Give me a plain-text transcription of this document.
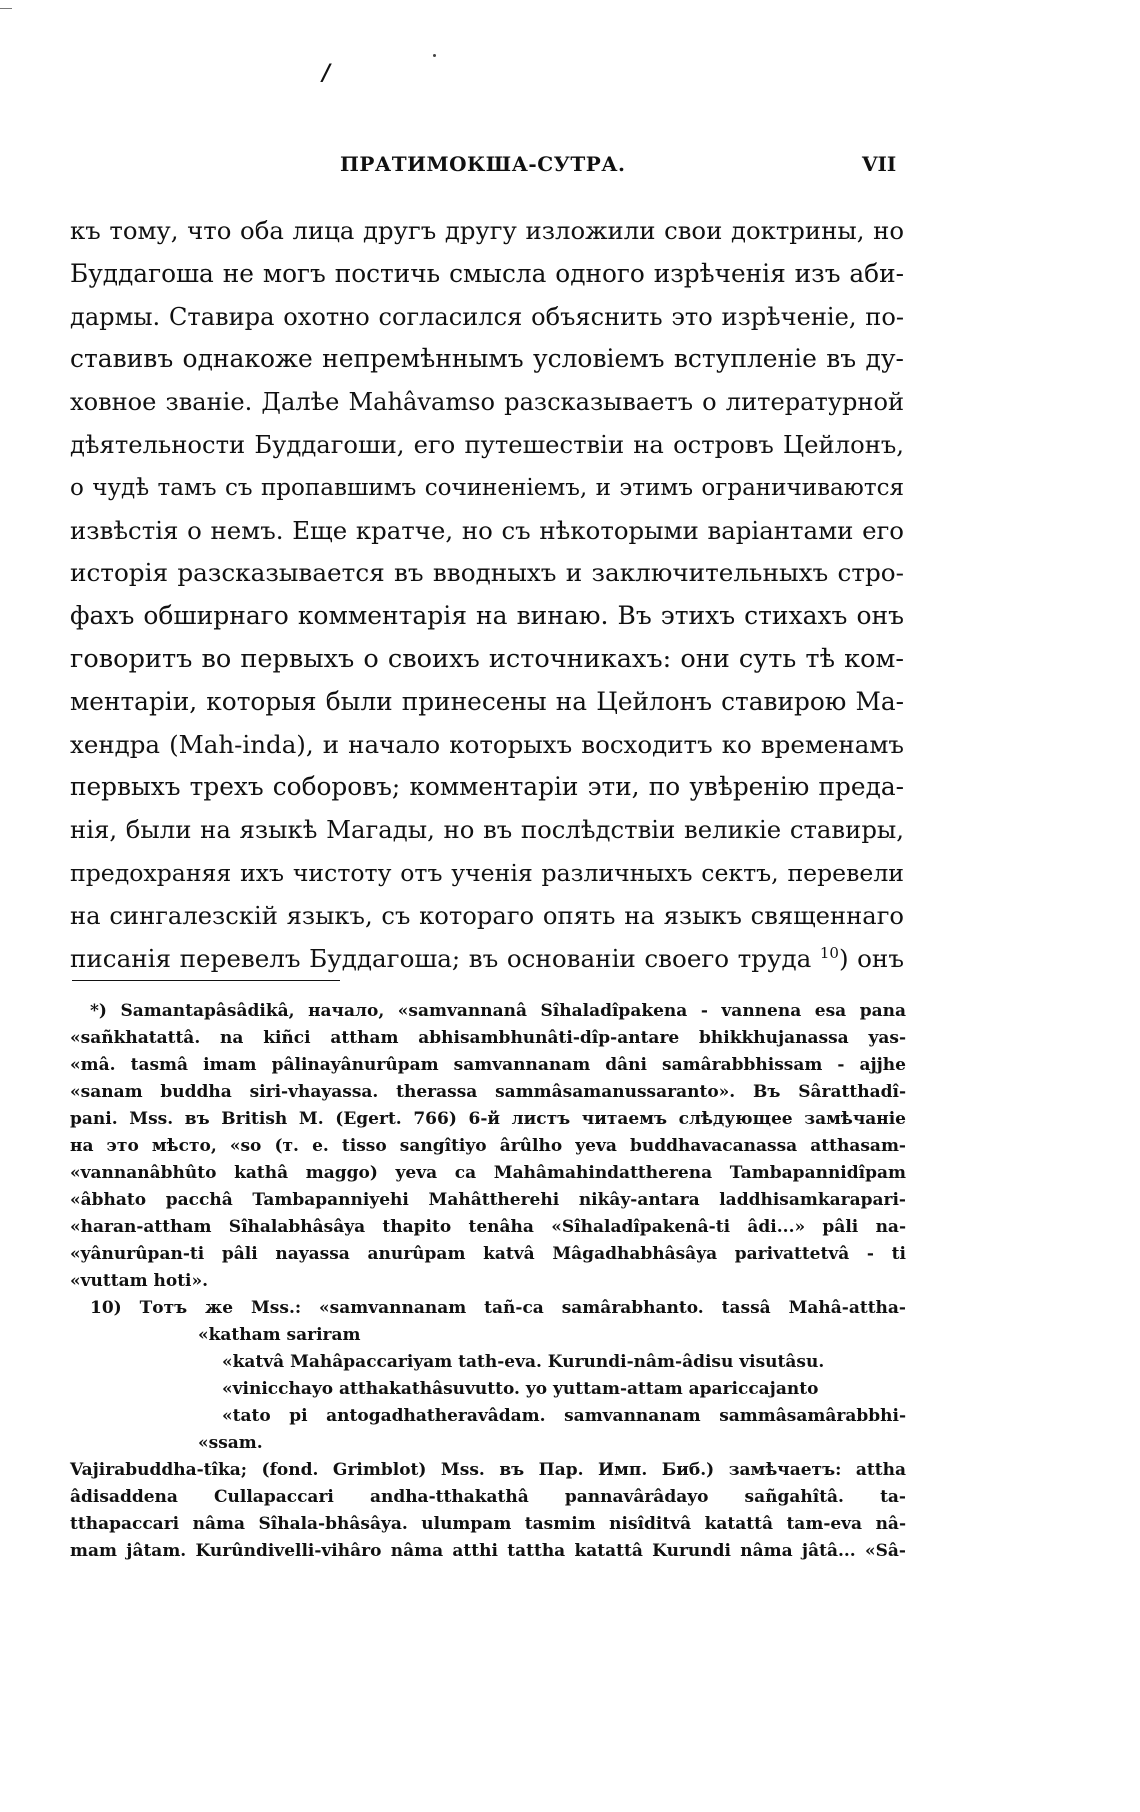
/
ПРАТИМОКША-СУТРА.	VII
къ тому, что оба лица другъ другу изложили свои доктрины, но
Буддагоша не могъ постичь смысла одного изрѣченія изъ аби-
дармы. Ставира охотно согласился объяснить это изрѣченіе, по-
ставивъ однакоже непремѣннымъ условіемъ вступленіе въ ду-
ховное званіе. Далѣе Mahâvamso разсказываетъ о литературной
дѣятельности Буддагоши, его путешествіи на островъ Цейлонъ,
о чудѣ тамъ съ пропавшимъ сочиненіемъ, и этимъ ограничиваются
извѣстія о немъ. Еще кратче, но съ нѣкоторыми варіантами его
исторія разсказывается въ вводныхъ и заключительныхъ стро-
фахъ обширнаго комментарія на винаю. Въ этихъ стихахъ онъ
говоритъ во первыхъ о своихъ источникахъ: они суть тѣ ком-
ментаріи, которыя были принесены на Цейлонъ ставирою Ма-
хендра (Mah-inda), и начало которыхъ восходитъ ко временамъ
первыхъ трехъ соборовъ; комментаріи эти, по увѣренію преда-
нія, были на языкѣ Магады, но въ послѣдствіи великіе ставиры,
предохраняя ихъ чистоту отъ ученія различныхъ сектъ, перевели
на сингалезскій языкъ, съ котораго опять на языкъ священнаго
писанія перевелъ Буддагоша; въ основаніи своего труда $^{10}$) онъ
*) Samantapâsâdikâ, начало, «samvannanâ Sîhaladîpakena - vannena esa pana
«sañkhatattâ. na kiñci attham abhisambhunâti-dîp-antare bhikkhujanassa yas-
«mâ. tasmâ imam pâlinayânurûpam samvannanam dâni samârabbhissam - ajjhe
«sanam buddha siri-vhayassa. therassa sammâsamanussaranto». Въ Sâratthadî-
pani. Mss. въ British M. (Egert. 766) 6-й листъ читаемъ слѣдующее замѣчаніе
на это мѣсто, «so (т. е. tisso sangîtiyo ârûlho yeva buddhavacanassa atthasam-
«vannanâbhûto kathâ maggo) yeva ca Mahâmahindattherena Tambapannidîpam
«âbhato pacchâ Tambapanniyehi Mahâttherehi nikây-antara laddhisamkarapari-
«haran-attham Sîhalabhâsâya thapito tenâha «Sîhaladîpakenâ-ti âdi...» pâli na-
«yânurûpan-ti pâli nayassa anurûpam katvâ Mâgadhabhâsâya parivattetvâ - ti
«vuttam hoti».
10) Тотъ же Mss.: «samvannanam tañ-ca samârabhanto. tassâ Mahâ-attha-
«katham sariram
«katvâ Mahâpaccariyam tath-eva. Kurundi-nâm-âdisu visutâsu.
«vinicchayo atthakathâsuvutto. yo yuttam-attam apariccajanto
«tato pi antogadhatheravâdam. samvannanam sammâsamârabbhi-
«ssam.
Vajirabuddha-tîka; (fond. Grimblot) Mss. въ Пар. Имп. Биб.) замѣчаетъ: attha
âdisaddena Cullapaccari andha-tthakathâ pannavârâdayo sañgahîtâ. ta-
tthapaccari nâma Sîhala-bhâsâya. ulumpam tasmim nisîditvâ katattâ tam-eva nâ-
mam jâtam. Kurûndivelli-vihâro nâma atthi tattha katattâ Kurundi nâma jâtâ... «Sâ-
